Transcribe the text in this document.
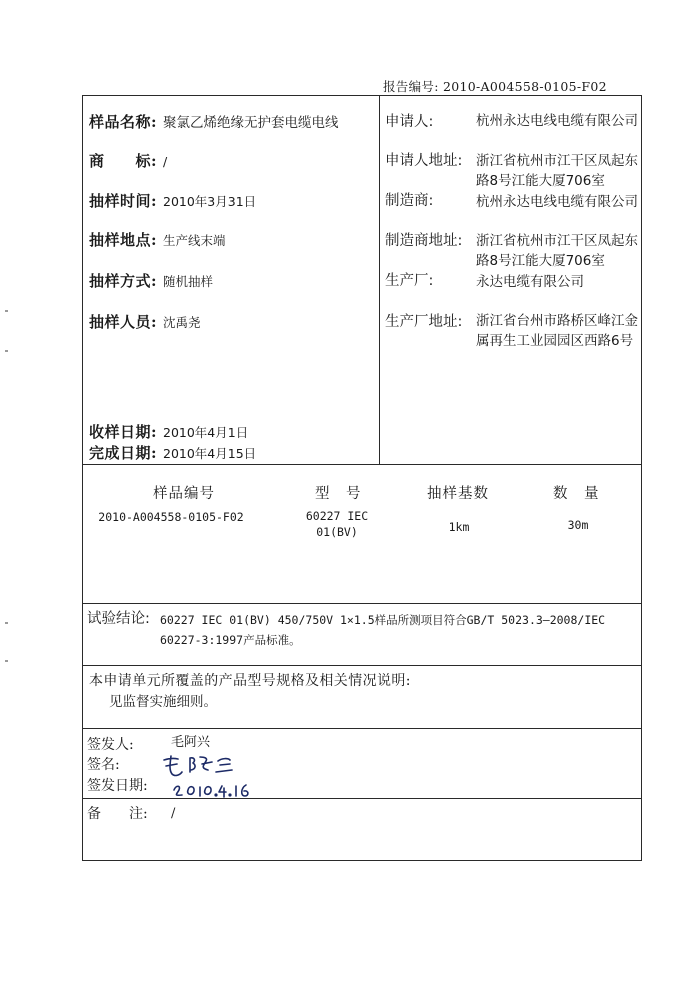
报告编号: 2010-A004558-0105-F02
样品名称: 聚氯乙烯绝缘无护套电缆电线
商　　标: /
抽样时间: 2010年3月31日
抽样地点: 生产线末端
抽样方式: 随机抽样
抽样人员: 沈禹尧
收样日期: 2010年4月1日
完成日期: 2010年4月15日
申请人:	杭州永达电线电缆有限公司
申请人地址: 浙江省杭州市江干区凤起东路8号江能大厦706室
制造商:	杭州永达电线电缆有限公司
制造商地址: 浙江省杭州市江干区凤起东路8号江能大厦706室
生产厂:	永达电缆有限公司
生产厂地址: 浙江省台州市路桥区峰江金属再生工业园园区西路6号
样品编号	型　号	抽样基数	数　量
2010-A004558-0105-F02	60227 IEC 01(BV)	1km	30m
试验结论: 60227 IEC 01(BV) 450/750V 1×1.5样品所测项目符合GB/T 5023.3—2008/IEC
60227-3:1997产品标准。
本申请单元所覆盖的产品型号规格及相关情况说明:
见监督实施细则。
签发人:	毛阿兴
签名:
签发日期:
备　　注: /
